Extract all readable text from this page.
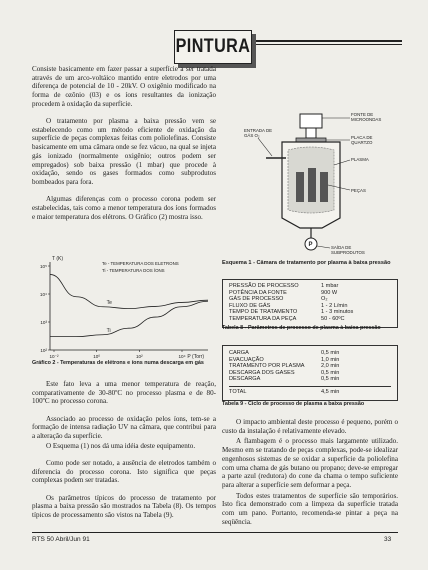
PINTURA

Consiste basicamente em fazer passar a superfície a ser tratada através de um arco-voltáico mantido entre eletrodos por uma diferença de potencial de 10 - 20kV. O oxigênio modificado na forma de ozônio (03) e os íons resultantes da ionização procedem à oxidação da superfície.

O tratamento por plasma a baixa pressão vem se estabelecendo como um método eficiente de oxidação da superfície de peças complexas feitas com poliolefinas. Consiste basicamente em uma câmara onde se fez vácuo, na qual se injeta gás ionizado (normalmente oxigênio; outros podem ser empregados) sob baixa pressão (1 mbar) que procede à oxidação, sendo os gases formados como subprodutos bombeados para fora.

Algumas diferenças com o processo corona podem ser estabelecidas, tais como a menor temperatura dos íons formados e maior temperatura dos elétrons. O Gráfico (2) mostra isso.

T (K)
P (Torr)
10⁵
10⁴
10³
10²
10⁻²	10⁰	10²	10⁴
Te - TEMPERATURA DOS ELETRONS
Ti - TEMPERATURA DOS ÍONS
Te
Ti
Gráfico 2 - Temperaturas de elétrons e íons numa descarga em gás

Este fato leva a uma menor temperatura de reação, comparativamente de 30-80ºC no processo plasma e de 80-100ºC no processo corona.

Associado ao processo de oxidação pelos íons, tem-se a formação de intensa radiação UV na câmara, que contribui para a alteração da superfície.

O Esquema (1) nos dá uma idéia deste equipamento.

Como pode ser notado, a ausência de eletrodos também o diferencia do processo corona. Isto significa que peças complexas podem ser tratadas.

Os parâmetros típicos do processo de tratamento por plasma a baixa pressão são mostrados na Tabela (8). Os tempos típicos de processamento são vistos na Tabela (9).

FONTE DE
MICROONDAS
PLACA DE
QUARTZO
PLASMA
PEÇAS
ENTRADA DE
GÁS O₂
P	SAÍDA DE
SUBPRODUTOS
Esquema 1 - Câmara de tratamento por plasma à baixa pressão
PRESSÃO DE PROCESSO	1 mbar
POTÊNCIA DA FONTE	900 W
GÁS DE PROCESSO	O₂
FLUXO DE GÁS	1 - 2 L/min
TEMPO DE TRATAMENTO	1 - 3 minutos
TEMPERATURA DA PEÇA	50 - 60ºC
Tabela 8 - Parâmetros de processo de plasma à baixa pressão
CARGA	0,5 min
EVACUAÇÃO	1,0 min
TRATAMENTO POR PLASMA	2,0 min
DESCARGA DOS GASES	0,5 min
DESCARGA	0,5 min
TOTAL	4,5 min
Tabela 9 - Ciclo de processo de plasma a baixa pressão

O impacto ambiental deste processo é pequeno, porém o custo da instalação é relativamente elevado.

A flambagem é o processo mais largamente utilizado. Mesmo em se tratando de peças complexas, pode-se idealizar engenhosos sistemas de se oxidar a superfície da poliolefina com uma chama de gás butano ou propano; deve-se empregar a parte azul (redutora) do cone da chama o tempo suficiente para alterar a superfície sem deformar a peça.

Todos estes tratamentos de superfície são temporários. Isto fica demonstrado com a limpeza da superfície tratada com um pano. Portanto, recomenda-se pintar a peça na seqüência.

RTS 50 Abril/Jun 91	33
